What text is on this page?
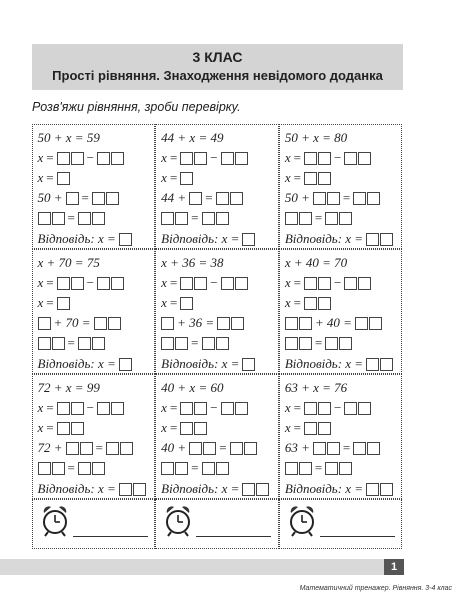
3 КЛАС
Прості рівняння. Знаходження невідомого доданка
Розв'яжи рівняння, зроби перевірку.
50 + x = 59
x =	−
x =
50 + =
=
Відповідь: x =
44 + x = 49
x =	−
x =
44 + =
=
Відповідь: x =
50 + x = 80
x =	−
x =
50 +	=
=
Відповідь: x =
x + 70 = 75
x =	−
x =
+ 70 =
=
Відповідь: x =
x + 36 = 38
x =	−
x =
+ 36 =
=
Відповідь: x =
x + 40 = 70
x =	−
x =
+ 40 =
=
Відповідь: x =
72 + x = 99
x =	−
x =
72 +	=
=
Відповідь: x =
40 + x = 60
x =	−
x =
40 +	=
=
Відповідь: x =
63 + x = 76
x =	−
x =
63 +	=
=
Відповідь: x =
1
Математичний тренажер. Рівняння. 3-4 клас
